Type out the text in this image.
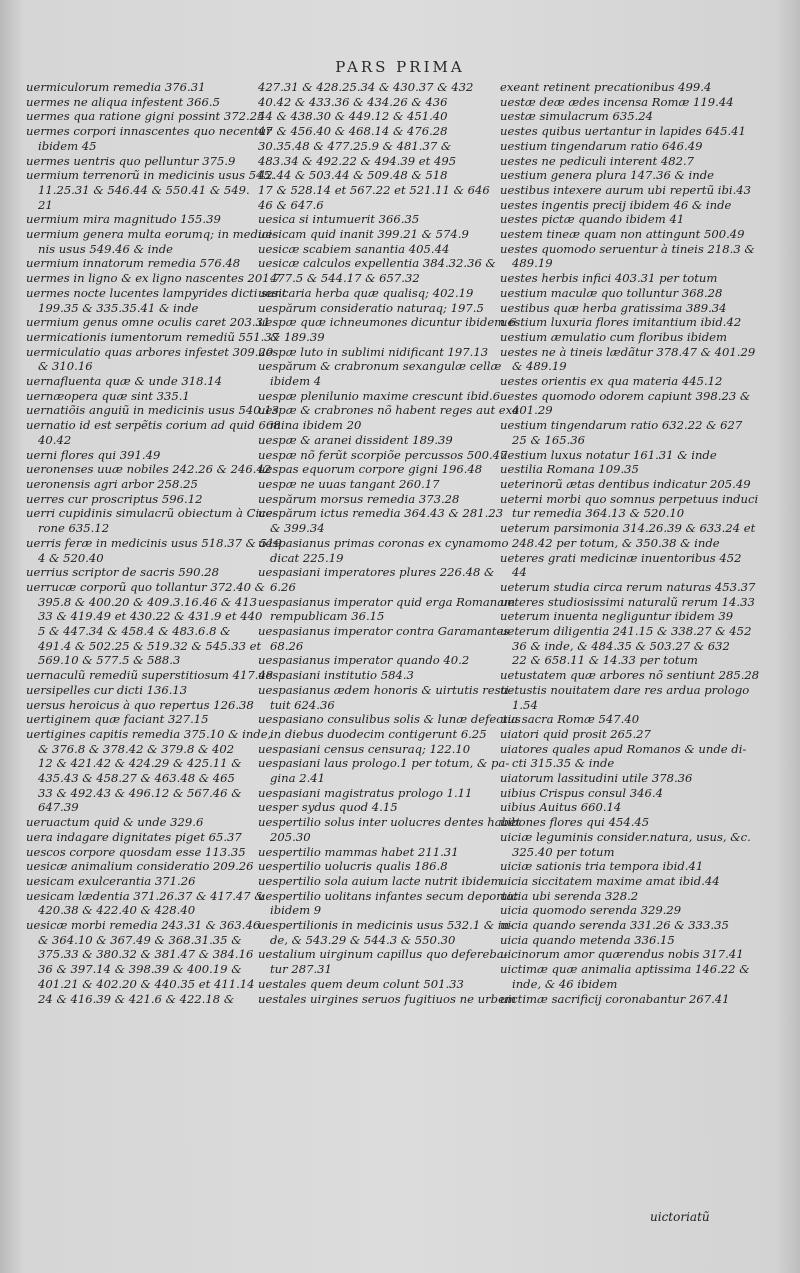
PARS PRIMA
uermiculorum remedia 376.31
uermes ne aliqua infestent 366.5
uermes qua ratione gigni possint 372.25
uermes corpori innascentes quo necentur
ibidem 45
uermes uentris quo pelluntur 375.9
uermium terrenorũ in medicinis usus 545.
11.25.31 & 546.44 & 550.41 & 549.
21
uermium mira magnitudo 155.39
uermium genera multa eorumq; in medici-
nis usus 549.46 & inde
uermium innatorum remedia 576.48
uermes in ligno & ex ligno nascentes 201.7
uermes nocte lucentes lampyrides dicti sunt
199.35 & 335.35.41 & inde
uermium genus omne oculis caret 203.31
uermicationis iumentorum remediũ 551.37
uermiculatio quas arbores infestet 309.20
& 310.16
uernafluenta quæ & unde 318.14
uernæopera quæ sint 335.1
uernatiõis anguiũ in medicinis usus 540.13
uernatio id est serpẽtis corium ad quid 668
40.42
uerni flores qui 391.49
ueronenses uuæ nobiles 242.26 & 246.42
ueronensis agri arbor 258.25
uerres cur proscriptus 596.12
uerri cupidinis simulacrũ obiectum à Cice-
rone 635.12
uerris feræ in medicinis usus 518.37 & 519
4 & 520.40
uerrius scriptor de sacris 590.28
uerrucæ corporũ quo tollantur 372.40 &
395.8 & 400.20 & 409.3.16.46 & 413
33 & 419.49 et 430.22 & 431.9 et 440
5 & 447.34 & 458.4 & 483.6.8 &
491.4 & 502.25 & 519.32 & 545.33 et
569.10 & 577.5 & 588.3
uernaculũ remediũ superstitiosum 417.48
uersipelles cur dicti 136.13
uersus heroicus à quo repertus 126.38
uertiginem quæ faciant 327.15
uertigines capitis remedia 375.10 & inde,
& 376.8 & 378.42 & 379.8 & 402
12 & 421.42 & 424.29 & 425.11 &
435.43 & 458.27 & 463.48 & 465
33 & 492.43 & 496.12 & 567.46 &
647.39
ueruactum quid & unde 329.6
uera indagare dignitates piget 65.37
uescos corpore quosdam esse 113.35
uesicæ animalium consideratio 209.26
uesicam exulcerantia 371.26
uesicam lædentia 371.26.37 & 417.47 &
420.38 & 422.40 & 428.40
uesicæ morbi remedia 243.31 & 363.46
& 364.10 & 367.49 & 368.31.35 &
375.33 & 380.32 & 381.47 & 384.16
36 & 397.14 & 398.39 & 400.19 &
401.21 & 402.20 & 440.35 et 411.14
24 & 416.39 & 421.6 & 422.18 &
427.31 & 428.25.34 & 430.37 & 432
40.42 & 433.36 & 434.26 & 436
44 & 438.30 & 449.12 & 451.40
47 & 456.40 & 468.14 & 476.28
30.35.48 & 477.25.9 & 481.37 &
483.34 & 492.22 & 494.39 et 495
42.44 & 503.44 & 509.48 & 518
17 & 528.14 et 567.22 et 521.11 & 646
46 & 647.6
uesica si intumuerit 366.35
uesicam quid inanit 399.21 & 574.9
uesicæ scabiem sanantia 405.44
uesicæ calculos expellentia 384.32.36 &
477.5 & 544.17 & 657.32
uesicaria herba quæ qualisq; 402.19
uespărum consideratio naturaq; 197.5
uespæ quæ ichneumones dicuntur ibidem 6
& 189.39
uespæ luto in sublimi nidificant 197.13
uespărum & crabronum sexangulæ cellæ
ibidem 4
uespæ plenilunio maxime crescunt ibid.6
uespæ & crabrones nõ habent reges aut exa
mina ibidem 20
uespæ & aranei dissident 189.39
uespæ nõ ferũt scorpiõe percussos 500.47
uespas equorum corpore gigni 196.48
uespæ ne uuas tangant 260.17
uespărum morsus remedia 373.28
uespărum ictus remedia 364.43 & 281.23
& 399.34
uespasianus primas coronas ex cynamomo
dicat 225.19
uespasiani imperatores plures 226.48 &
6.26
uespasianus imperator quid erga Romanam
rempublicam 36.15
uespasianus imperator contra Garamantes
68.26
uespasianus imperator quando 40.2
uespasiani institutio 584.3
uespasianus ædem honoris & uirtutis resti-
tuit 624.36
uespasiano consulibus solis & lunæ defectus
in diebus duodecim contigerunt 6.25
uespasiani census censuraq; 122.10
uespasiani laus prologo.1 per totum, & pa-
gina 2.41
uespasiani magistratus prologo 1.11
uesper sydus quod 4.15
uespertilio solus inter uolucres dentes habet
205.30
uespertilio mammas habet 211.31
uespertilio uolucris qualis 186.8
uespertilio sola auium lacte nutrit ibidem
uespertilio uolitans infantes secum deportat
ibidem 9
uespertilionis in medicinis usus 532.1 & in-
de, & 543.29 & 544.3 & 550.30
uestalium uirginum capillus quo defereba-
tur 287.31
uestales quem deum colunt 501.33
uestales uirgines seruos fugitiuos ne urbem
exeant retinent precationibus 499.4
uestæ deæ ædes incensa Romæ 119.44
uestæ simulacrum 635.24
uestes quibus uertantur in lapides 645.41
uestium tingendarum ratio 646.49
uestes ne pediculi interent 482.7
uestium genera plura 147.36 & inde
uestibus intexere aurum ubi repertũ ibi.43
uestes ingentis precij ibidem 46 & inde
uestes pictæ quando ibidem 41
uestem tineæ quam non attingunt 500.49
uestes quomodo seruentur à tineis 218.3 &
489.19
uestes herbis infici 403.31 per totum
uestium maculæ quo tolluntur 368.28
uestibus quæ herba gratissima 389.34
uestium luxuria flores imitantium ibid.42
uestium æmulatio cum floribus ibidem
uestes ne à tineis lædãtur 378.47 & 401.29
& 489.19
uestes orientis ex qua materia 445.12
uestes quomodo odorem capiunt 398.23 &
401.29
uestium tingendarum ratio 632.22 & 627
25 & 165.36
uestium luxus notatur 161.31 & inde
uestilia Romana 109.35
ueterinorũ ætas dentibus indicatur 205.49
ueterni morbi quo somnus perpetuus induci
tur remedia 364.13 & 520.10
ueterum parsimonia 314.26.39 & 633.24 et
248.42 per totum, & 350.38 & inde
ueteres grati medicinæ inuentoribus 452
44
ueterum studia circa rerum naturas 453.37
ueteres studiosissimi naturalũ rerum 14.33
ueterum inuenta negliguntur ibidem 39
ueterum diligentia 241.15 & 338.27 & 452
36 & inde, & 484.35 & 503.27 & 632
22 & 658.11 & 14.33 per totum
uetustatem quæ arbores nõ sentiunt 285.28
uetustis nouitatem dare res ardua prologo
1.54
uia sacra Romæ 547.40
uiatori quid prosit 265.27
uiatores quales apud Romanos & unde di-
cti 315.35 & inde
uiatorum lassitudini utile 378.36
uibius Crispus consul 346.4
uibius Auitus 660.14
uibones flores qui 454.45
uiciæ leguminis consider.natura, usus, &c.
325.40 per totum
uiciæ sationis tria tempora ibid.41
uicia siccitatem maxime amat ibid.44
uicia ubi serenda 328.2
uicia quomodo serenda 329.29
uicia quando serenda 331.26 & 333.35
uicia quando metenda 336.15
uicinorum amor quærendus nobis 317.41
uictimæ quæ animalia aptissima 146.22 &
inde, & 46 ibidem
uictimæ sacrificij coronabantur 267.41
uictoriatũ
